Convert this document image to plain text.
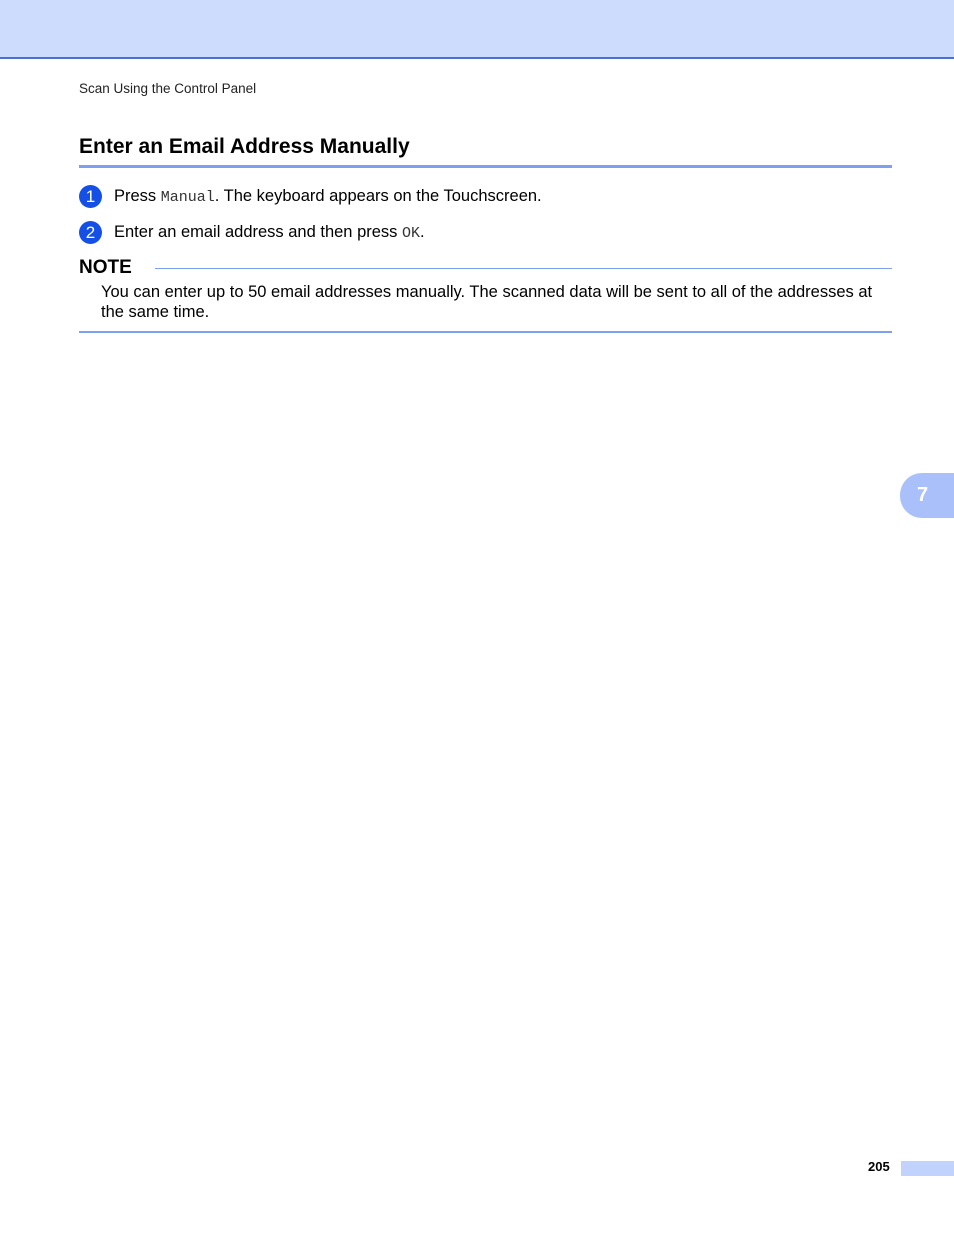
Scan Using the Control Panel
Enter an Email Address Manually
1	Press Manual. The keyboard appears on the Touchscreen.
2	Enter an email address and then press OK.
NOTE

You can enter up to 50 email addresses manually. The scanned data will be sent to all of the addresses at the same time.

7
205
